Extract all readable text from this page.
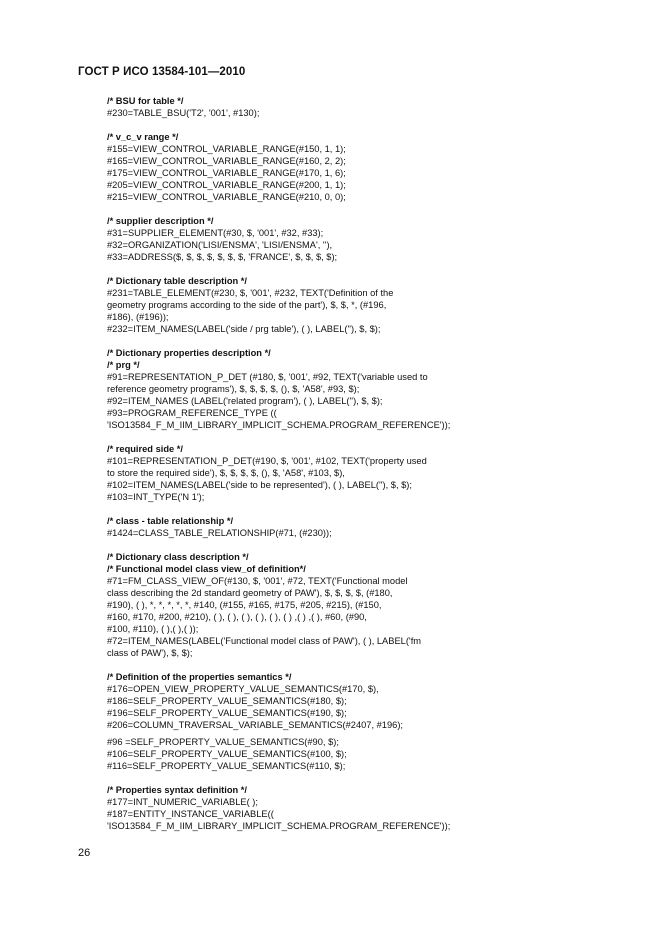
ГОСТ Р ИСО 13584-101—2010
/* BSU for table */
#230=TABLE_BSU('T2', '001', #130);
/* v_c_v range */
#155=VIEW_CONTROL_VARIABLE_RANGE(#150, 1, 1);
#165=VIEW_CONTROL_VARIABLE_RANGE(#160, 2, 2);
#175=VIEW_CONTROL_VARIABLE_RANGE(#170, 1, 6);
#205=VIEW_CONTROL_VARIABLE_RANGE(#200, 1, 1);
#215=VIEW_CONTROL_VARIABLE_RANGE(#210, 0, 0);
/* supplier description */
#31=SUPPLIER_ELEMENT(#30, $, '001', #32, #33);
#32=ORGANIZATION('LISI/ENSMA', 'LISI/ENSMA', ''),
#33=ADDRESS($, $, $, $, $, $, $, 'FRANCE', $, $, $, $);
/* Dictionary table description */
#231=TABLE_ELEMENT(#230, $, '001', #232, TEXT('Definition of the
geometry programs according to the side of the part'), $, $, *, (#196,
#186), (#196));
#232=ITEM_NAMES(LABEL('side / prg table'), ( ), LABEL(''), $, $);
/* Dictionary properties description */
/* prg */
#91=REPRESENTATION_P_DET (#180, $, '001', #92, TEXT('variable used to
reference geometry programs'), $, $, $, $, (), $, 'A58', #93, $);
#92=ITEM_NAMES (LABEL('related program'), ( ), LABEL(''), $, $);
#93=PROGRAM_REFERENCE_TYPE ((
'ISO13584_F_M_IIM_LIBRARY_IMPLICIT_SCHEMA.PROGRAM_REFERENCE'));
/* required side */
#101=REPRESENTATION_P_DET(#190, $, '001', #102, TEXT('property used
to store the required side'), $, $, $, $, (), $, 'A58', #103, $),
#102=ITEM_NAMES(LABEL('side to be represented'), ( ), LABEL(''), $, $);
#103=INT_TYPE('N 1');
/* class - table relationship */
#1424=CLASS_TABLE_RELATIONSHIP(#71, (#230));
/* Dictionary class description */
/* Functional model class view_of definition*/
#71=FM_CLASS_VIEW_OF(#130, $, '001', #72, TEXT('Functional model
class describing the 2d standard geometry of PAW'), $, $, $, $, (#180,
#190), ( ), *, *, *, *, *, #140, (#155, #165, #175, #205, #215), (#150,
#160, #170, #200, #210), ( ), ( ), ( ), ( ), ( ), ( ) ,( ) ,( ), #60, (#90,
#100, #110), ( ),( ),( ));
#72=ITEM_NAMES(LABEL('Functional model class of PAW'), ( ), LABEL('fm
class of PAW'), $, $);
/* Definition of the properties semantics */
#176=OPEN_VIEW_PROPERTY_VALUE_SEMANTICS(#170, $),
#186=SELF_PROPERTY_VALUE_SEMANTICS(#180, $);
#196=SELF_PROPERTY_VALUE_SEMANTICS(#190, $);
#206=COLUMN_TRAVERSAL_VARIABLE_SEMANTICS(#2407, #196);
#96 =SELF_PROPERTY_VALUE_SEMANTICS(#90, $);
#106=SELF_PROPERTY_VALUE_SEMANTICS(#100, $);
#116=SELF_PROPERTY_VALUE_SEMANTICS(#110, $);
/* Properties syntax definition */
#177=INT_NUMERIC_VARIABLE( );
#187=ENTITY_INSTANCE_VARIABLE((
'ISO13584_F_M_IIM_LIBRARY_IMPLICIT_SCHEMA.PROGRAM_REFERENCE'));
26
